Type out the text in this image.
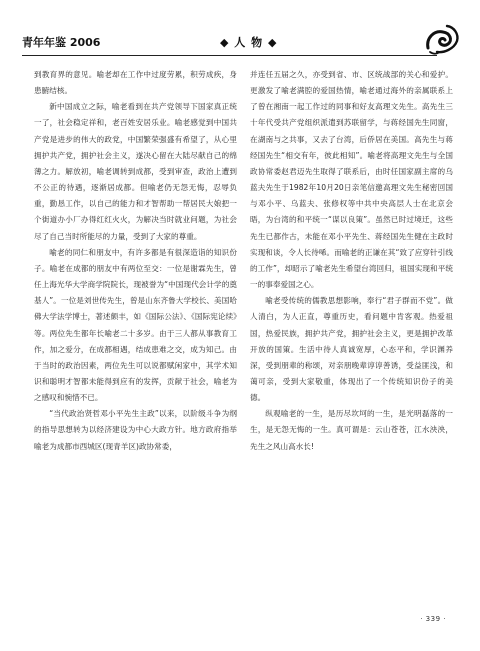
青年年鉴 2006	◆ 人 物 ◆

到教育界的意见。喻老却在工作中过度劳累，积劳成疾，身患腑结核。

新中国成立之际，喻老看到在共产党领导下国家真正统一了，社会稳定祥和，老百姓安居乐业。喻老感觉到中国共产党是进步的伟大的政党，中国繁荣强盛有希望了，从心里拥护共产党，拥护社会主义，遂决心留在大陆尽献自己的绵薄之力。解放初，喻老调转到成都，受到审查，政治上遭到不公正的待遇，逐渐居成都。但喻老仍无怨无悔，忍辱负重，勤恳工作，以自己的能力和才智帮助一帮居民大娘把一个街道办小厂办得红红火火，为解决当时就业问题，为社会尽了自己当时所能尽的力量，受到了大家的尊重。

喻老的同仁和朋友中，有许多都是有很深造诣的知识份子。喻老在成都的朋友中有两位至交：一位是谢霖先生，曾任上海光华大学商学院院长，现被誉为“中国现代会计学的奠基人”。一位是刘世传先生，曾是山东齐鲁大学校长、美国哈佛大学法学博士，著述颇丰，如《国际公法》、《国际宪论续》等。两位先生都年长喻老二十多岁。由于三人都从事教育工作，加之爱分，在成都相遇，结成患难之交，成为知己。由于当时的政治因素，两位先生可以说都赋闲家中，其学术知识和聪明才智都未能得到应有的发挥，贡献于社会，喻老为之感叹和惋惜不已。

“当代政治贤哲邓小平先生主政”以来，以阶级斗争为纲的指导思想转为以经济建设为中心大政方针。地方政府指举喻老为成都市西城区(现青羊区)政协常委，

并连任五届之久，亦受到省、市、区统战部的关心和爱护。更激发了喻老满腔的爱国热情，喻老通过海外的亲属联系上了曾在湘南一起工作过的同事和好友高理文先生。高先生三十年代受共产党组织派遣到苏联留学，与蒋经国先生同窗，在湖南与之共事，又去了台湾，后侨居在美国。高先生与蒋经国先生“相交有年，彼此相知”。喻老将高理文先生与全国政协常委赵君迈先生取得了联系后，由时任国家副主席的乌蓝夫先生于1982年10月20日亲笔信邀高理文先生秘密回国与邓小平、乌蓝夫、张修权等中共中央高层人士在北京会晤，为台湾的和平统一“谋以良策”。虽然已时过境迁，这些先生已都作古，未能在邓小平先生、蒋经国先生健在主政时实现和谈，令人长待唏。而喻老的正谦在其“致了应穿针引线的工作”，却昭示了喻老先生希望台湾回归，祖国实现和平统一的事奉爱国之心。

喻老受传统的儒教思想影响，奉行“君子群而不党”。做人清白，为人正直，尊重历史，看问题中肯客观。热爱祖国，热爱民族，拥护共产党，拥护社会主义，更是拥护改革开放的国策。生活中待人真诚宽厚，心态平和，学识渊养深，受到朋辈的称颂，对亲朋晚辈谆谆善诱，受益匪浅，和蔼可亲，受到大家敬重，体现出了一个传统知识份子的美德。

纵观喻老的一生，是历尽坎坷的一生，是光明磊落的一生，是无怨无悔的一生。真可谓是：云山苍苍，江水泱泱，先生之风山高水长!

· 339 ·
